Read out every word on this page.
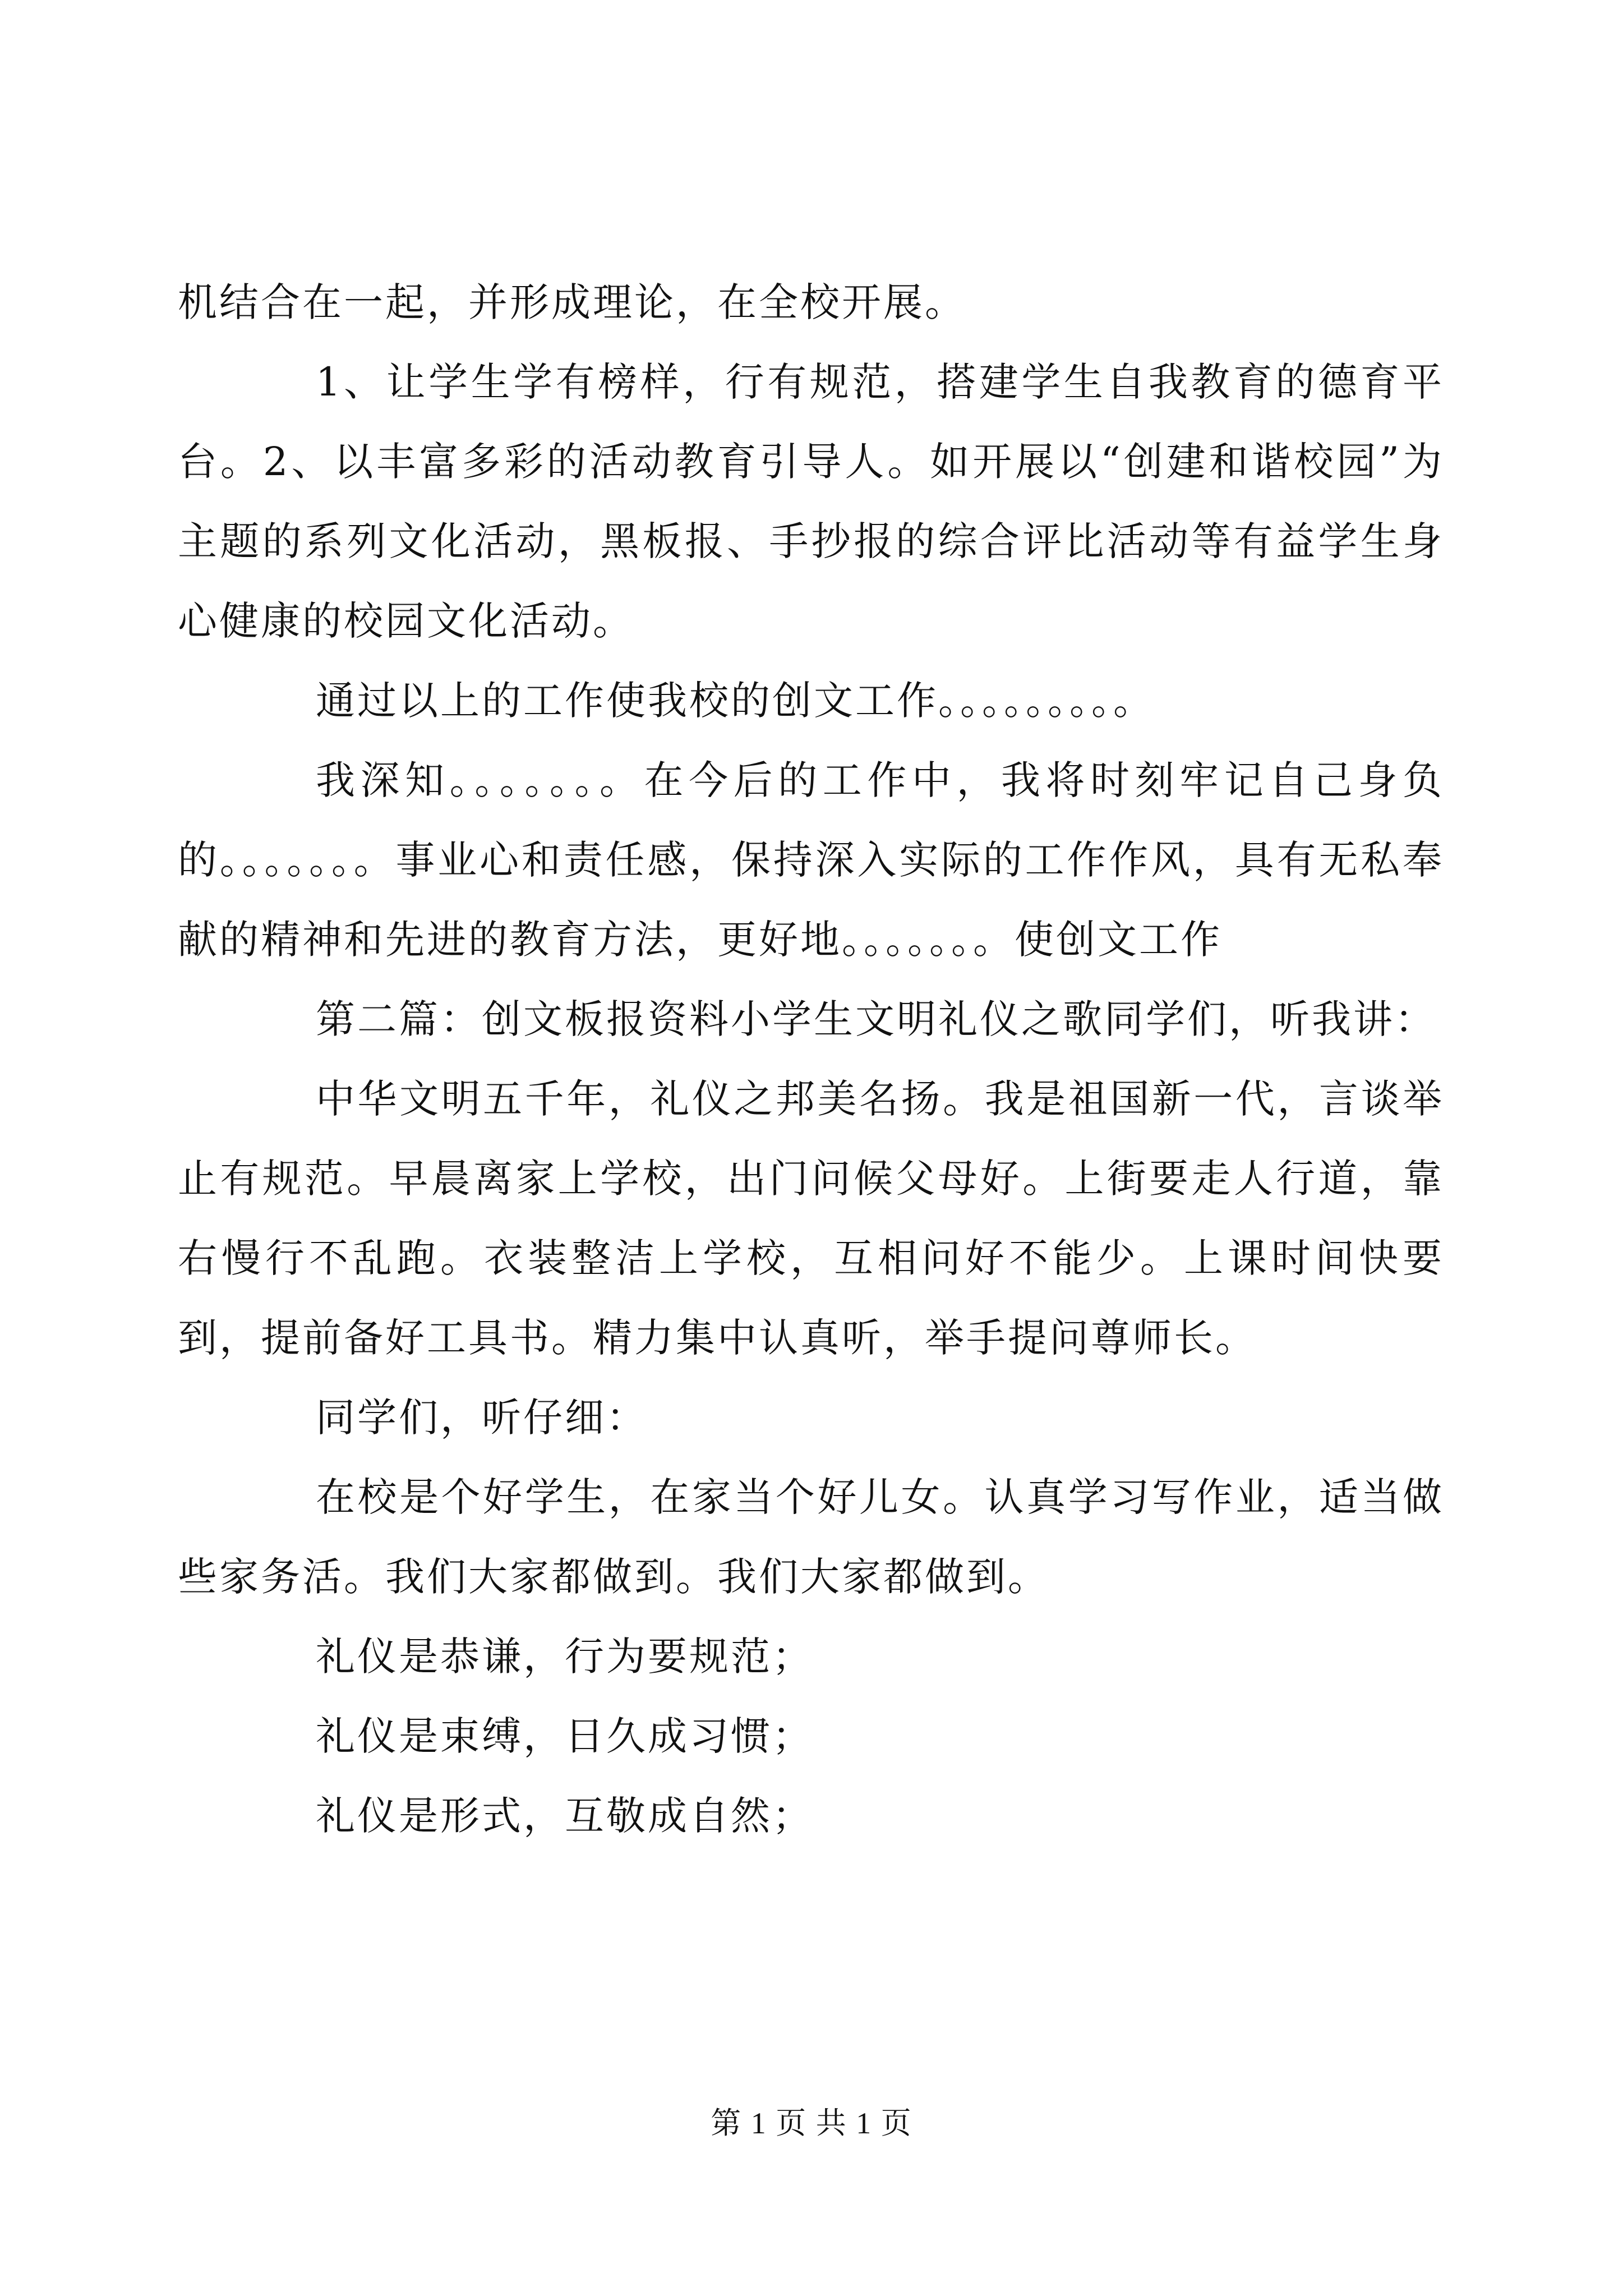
机结合在一起，并形成理论，在全校开展。

1、让学生学有榜样，行有规范，搭建学生自我教育的德育平台。2、以丰富多彩的活动教育引导人。如开展以“创建和谐校园”为主题的系列文化活动，黑板报、手抄报的综合评比活动等有益学生身心健康的校园文化活动。

通过以上的工作使我校的创文工作。。。。。。。。。

我深知。。。。。。。在今后的工作中，我将时刻牢记自己身负的。。。。。。。事业心和责任感，保持深入实际的工作作风，具有无私奉献的精神和先进的教育方法，更好地。。。。。。。使创文工作

第二篇：创文板报资料小学生文明礼仪之歌同学们，听我讲：

中华文明五千年，礼仪之邦美名扬。我是祖国新一代，言谈举止有规范。早晨离家上学校，出门问候父母好。上街要走人行道，靠右慢行不乱跑。衣装整洁上学校，互相问好不能少。上课时间快要到，提前备好工具书。精力集中认真听，举手提问尊师长。

同学们，听仔细：

在校是个好学生，在家当个好儿女。认真学习写作业，适当做些家务活。我们大家都做到。我们大家都做到。

礼仪是恭谦，行为要规范；

礼仪是束缚，日久成习惯；

礼仪是形式，互敬成自然；

第 1 页 共 1 页
